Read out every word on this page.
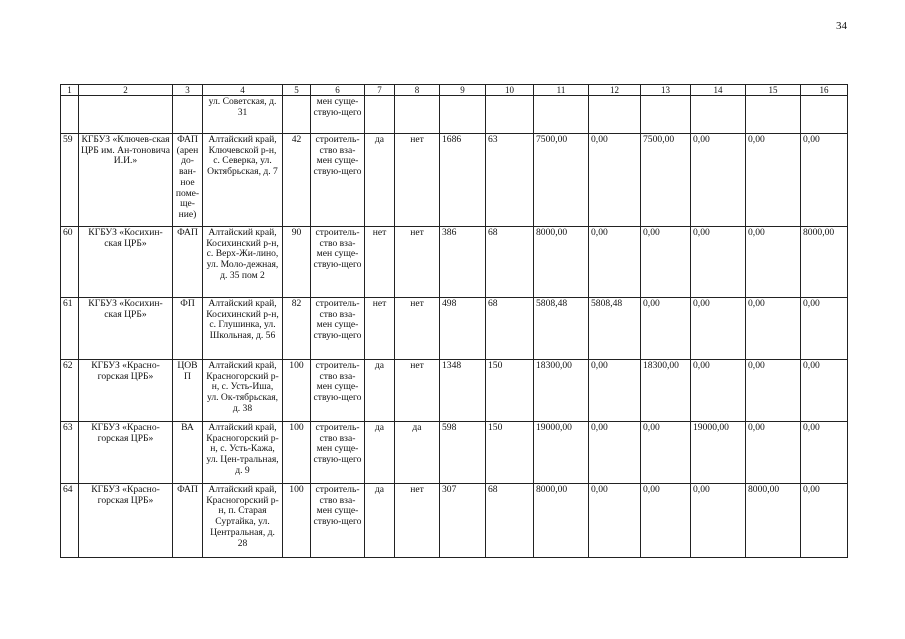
34
1	2	3	4	5	6	7	8	9	10	11	12	13	14	15	16
			ул. Советская, д. 31		мен суще-ствую-щего										
59	КГБУЗ «Ключев-ская ЦРБ им. Ан-тоновича И.И.»	ФАП (арен до-ван-ное поме-ще-ние)	Алтайский край, Ключевской р-н, с. Северка, ул. Октябрьская, д. 7	42	строитель-ство вза-мен суще-ствую-щего	да	нет	1686	63	7500,00	0,00	7500,00	0,00	0,00	0,00
60	КГБУЗ «Косихин-ская ЦРБ»	ФАП	Алтайский край, Косихинский р-н, с. Верх-Жи-лино, ул. Моло-дежная, д. 35 пом 2	90	строитель-ство вза-мен суще-ствую-щего	нет	нет	386	68	8000,00	0,00	0,00	0,00	0,00	8000,00
61	КГБУЗ «Косихин-ская ЦРБ»	ФП	Алтайский край, Косихинский р-н, с. Глушинка, ул. Школьная, д. 56	82	строитель-ство вза-мен суще-ствую-щего	нет	нет	498	68	5808,48	5808,48	0,00	0,00	0,00	0,00
62	КГБУЗ «Красно-горская ЦРБ»	ЦОВ П	Алтайский край, Красногорский р-н, с. Усть-Иша, ул. Ок-тябрьская, д. 38	100	строитель-ство вза-мен суще-ствую-щего	да	нет	1348	150	18300,00	0,00	18300,00	0,00	0,00	0,00
63	КГБУЗ «Красно-горская ЦРБ»	ВА	Алтайский край, Красногорский р-н, с. Усть-Кажа, ул. Цен-тральная, д. 9	100	строитель-ство вза-мен суще-ствую-щего	да	да	598	150	19000,00	0,00	0,00	19000,00	0,00	0,00
64	КГБУЗ «Красно-горская ЦРБ»	ФАП	Алтайский край, Красногорский р-н, п. Старая Суртайка, ул. Центральная, д. 28	100	строитель-ство вза-мен суще-ствую-щего	да	нет	307	68	8000,00	0,00	0,00	0,00	8000,00	0,00
